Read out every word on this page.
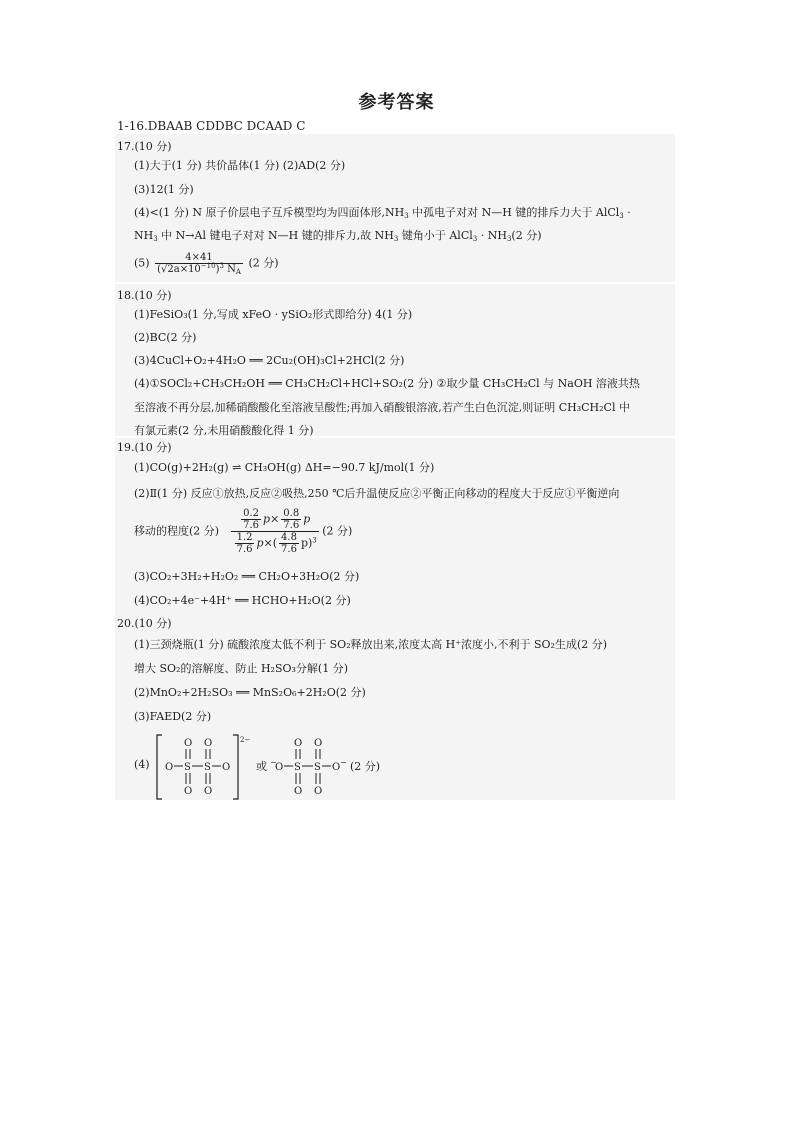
参考答案
1-16.DBAAB CDDBC DCAAD C
17.(10 分)
(1)大于(1 分) 共价晶体(1 分) (2)AD(2 分)
(3)12(1 分)
(4)<(1 分) N 原子价层电子互斥模型均为四面体形$,NH_3$ 中孤电子对对 N—H 键的排斥力大于 AlCl$_3$ ·
$NH_3$ 中 N→Al 键电子对对 N—H 键的排斥力,故 $NH_3$ 键角小于 AlCl$_3$ · $NH_3(2$ 分)
$(5) \frac{4\times 41}{(√2a\times 10^{-10})^3 N_A} (2$ 分)
18.(10 分)
(1)FeSiO₃(1 分,写成 xFeO · ySiO₂形式即给分) 4(1 分)
(2)BC(2 分)
(3)4CuCl+O₂+4H₂O ══ 2Cu₂(OH)₃Cl+2HCl(2 分)
(4)①SOCl₂+CH₃CH₂OH ══ CH₃CH₂Cl+HCl+SO₂(2 分) ②取少量 CH₃CH₂Cl 与 NaOH 溶液共热
至溶液不再分层,加稀硝酸酸化至溶液呈酸性;再加入硝酸银溶液,若产生白色沉淀,则证明 CH₃CH₂Cl 中
有氯元素(2 分,未用硝酸酸化得 1 分)
19.(10 分)
(1)CO(g)+2H₂(g) ⇌ CH₃OH(g) ΔH=−90.7 kJ/mol(1 分)
(2)Ⅱ(1 分) 反应①放热,反应②吸热,250 ℃后升温使反应②平衡正向移动的程度大于反应①平衡逆向
移动的程度(2 分) $\frac{\frac{0.2}{7.6} p\times \frac{0.8}{7.6} p}{\frac{1.2}{7.6} p\times( \frac{4.8}{7.6} p)^3} (2$ 分)
(3)CO₂+3H₂+H₂O₂ ══ CH₂O+3H₂O(2 分)
(4)CO₂+4e⁻+4H⁺ ══ HCHO+H₂O(2 分)
20.(10 分)
(1)三颈烧瓶(1 分) 硫酸浓度太低不利于 SO₂释放出来,浓度太高 H⁺浓度小,不利于 SO₂生成(2 分)
增大 SO₂的溶解度、防止 H₂SO₃分解(1 分)
(2)MnO₂+2H₂SO₃ ══ MnS₂O₆+2H₂O(2 分)
(3)FAED(2 分)
(4)
2−
O S S O
O O
O O
或 −
O S S O −
O O
O O
(2 分)
